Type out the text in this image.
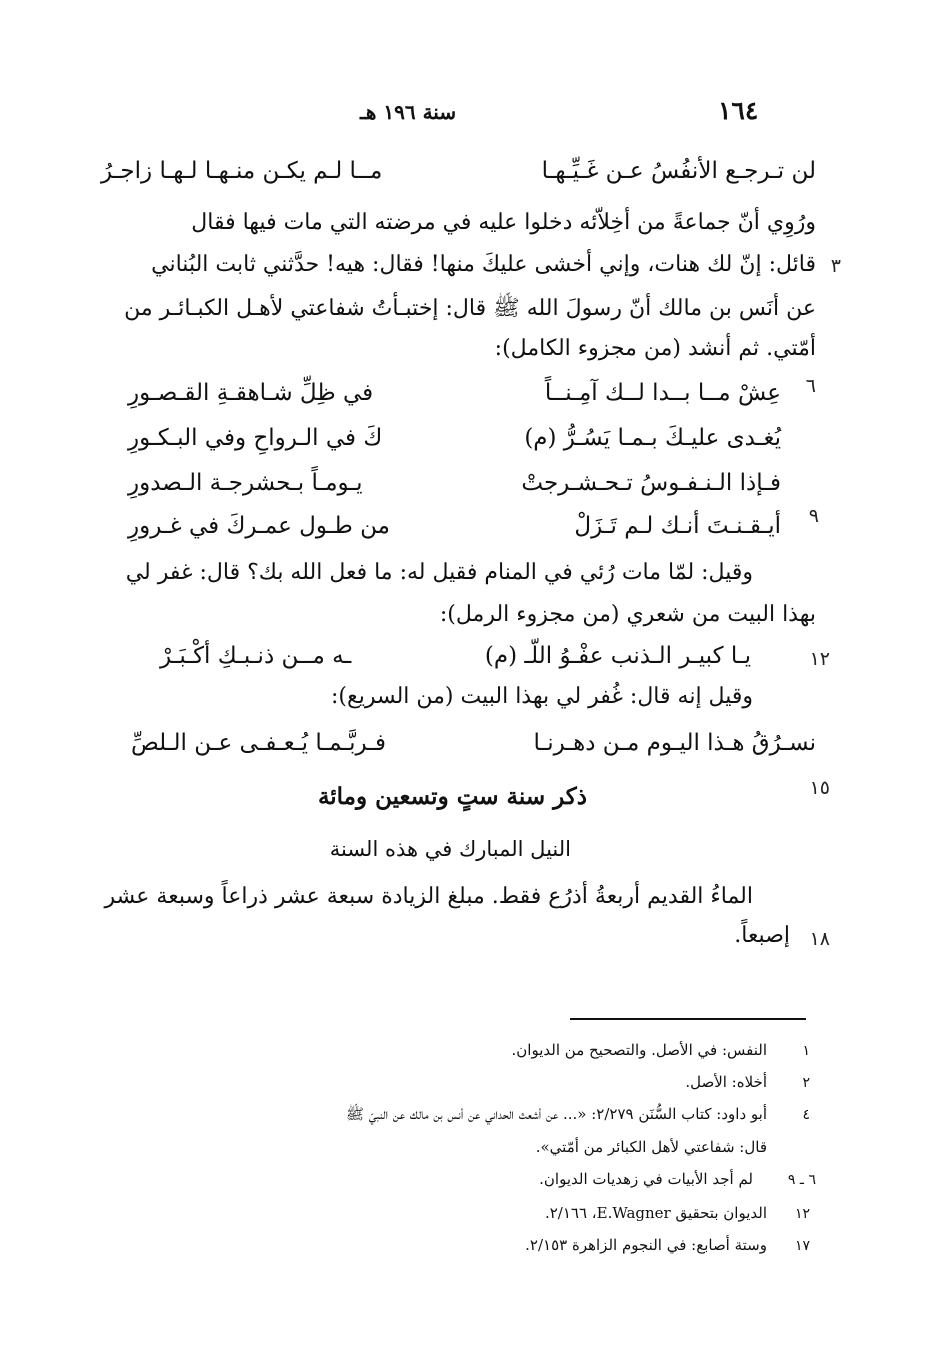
١٦٤
سنة ١٩٦ هـ
لن تـرجـع الأنفُسُ عـن غَـيِّـهـا
مــا لـم يكـن منـهـا لـهـا زاجـرُ
ورُوِي أنّ جماعةً من أخِلاّئه دخلوا عليه في مرضته التي مات فيها فقال
قائل: إنّ لك هنات، وإني أخشى عليكَ منها! فقال: هيه! حدَّثني ثابت البُناني ٣
عن أنَس بن مالك أنّ رسولَ الله ﷺ قال: إختبـأتُ شفاعتي لأهـل الكبـائـر من
أمّتي. ثم أنشد (من مجزوء الكامل):
٦
عِشْ مــا بــدا لــك آمِـنــاً
في ظِلِّ شـاهقـةِ القـصـورِ
يُغـدى عليـكَ بـمـا يَسُـرُّ (م)
كَ في الـرواحِ وفي البـكـورِ
فـإذا الـنـفـوسُ تـحـشـرجتْ
يـومـاً بـحشرجـة الـصدورِ
٩
أيـقـنـتَ أنـك لـم تَـزَلْ
من طـول عمـركَ في غـرورِ
وقيل: لمّا مات رُئي في المنام فقيل له: ما فعل الله بك؟ قال: غفر لي
بهذا البيت من شعري (من مجزوء الرمل):
١٢
يـا كبيـر الـذنب عفْـوُ اللّـ (م)
ـه مــن ذنـبـكِ أكْـبَـرْ
وقيل إنه قال: غُفر لي بهذا البيت (من السريع):
نسـرُقُ هـذا اليـوم مـن دهـرنـا
فـربَّـمـا يُـعـفـى عـن الـلصِّ
١٥
ذكر سنة ستٍ وتسعين ومائة
النيل المبارك في هذه السنة
الماءُ القديم أربعةُ أذرُع فقط. مبلغ الزيادة سبعة عشر ذراعاً وسبعة عشر
١٨
إصبعاً.
١
النفس: في الأصل. والتصحيح من الديوان.
٢
أخلاه: الأصل.
٤
أبو داود: كتاب السُّنَن ٢/٢٧٩: «... عن أشعث الحداني عن أنس بن مالك عن النبيّ ﷺ
قال: شفاعتي لأهل الكبائر من أمّتي».
٦ ـ ٩
لم أجد الأبيات في زهديات الديوان.
١٢
الديوان بتحقيق E.Wagner، ٢/١٦٦.
١٧
وستة أصابع: في النجوم الزاهرة ٢/١٥٣.
